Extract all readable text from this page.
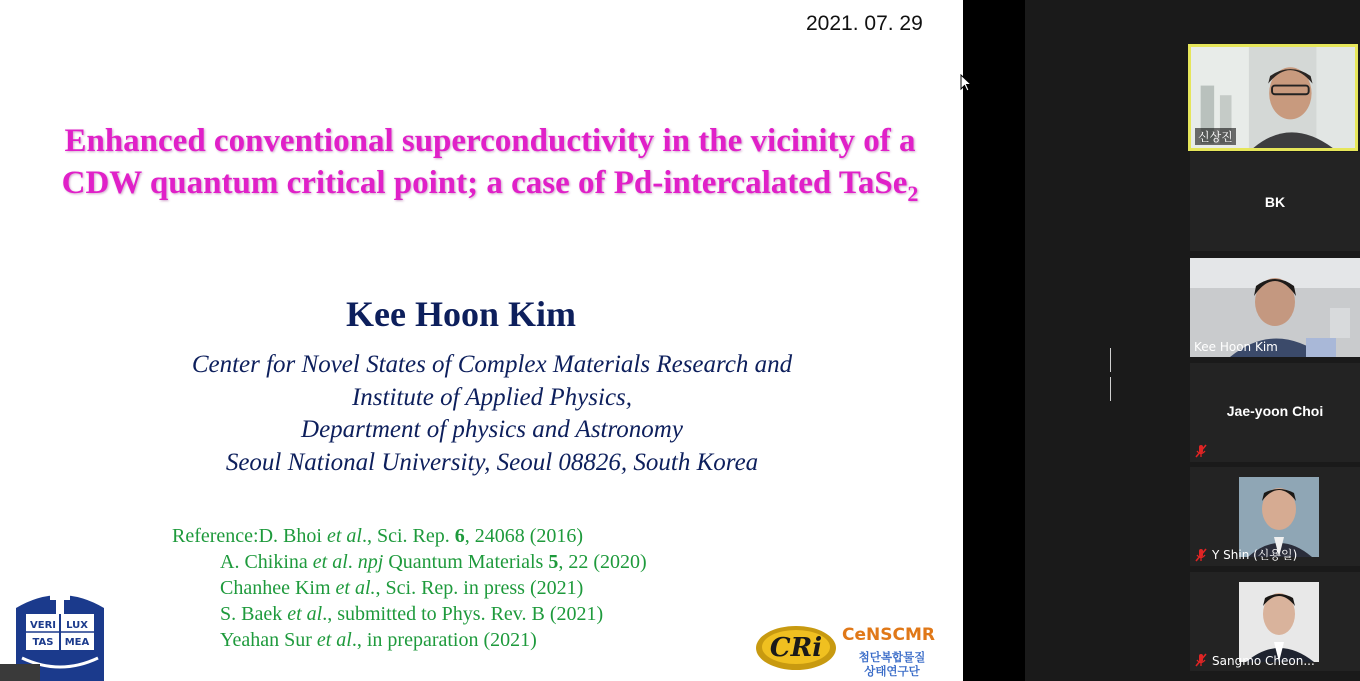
2021. 07. 29
Enhanced conventional superconductivity in the vicinity of a
CDW quantum critical point; a case of Pd-intercalated TaSe$_2$
Kee Hoon Kim
Center for Novel States of Complex Materials Research and
Institute of Applied Physics,
Department of physics and Astronomy
Seoul National University, Seoul 08826, South Korea
Reference:D. Bhoi et al., Sci. Rep. 6, 24068 (2016)
A. Chikina et al. npj Quantum Materials 5, 22 (2020)
Chanhee Kim et al., Sci. Rep. in press (2021)
S. Baek et al., submitted to Phys. Rev. B (2021)
Yeahan Sur et al., in preparation (2021)
VERI LUX
TAS MEA	CRi CeNSCMR
첨단복합물질
상태연구단
신상진
BK
Kee Hoon Kim
Jae-yoon Choi
Y Shin (신용일)
Sangmo Cheon...
